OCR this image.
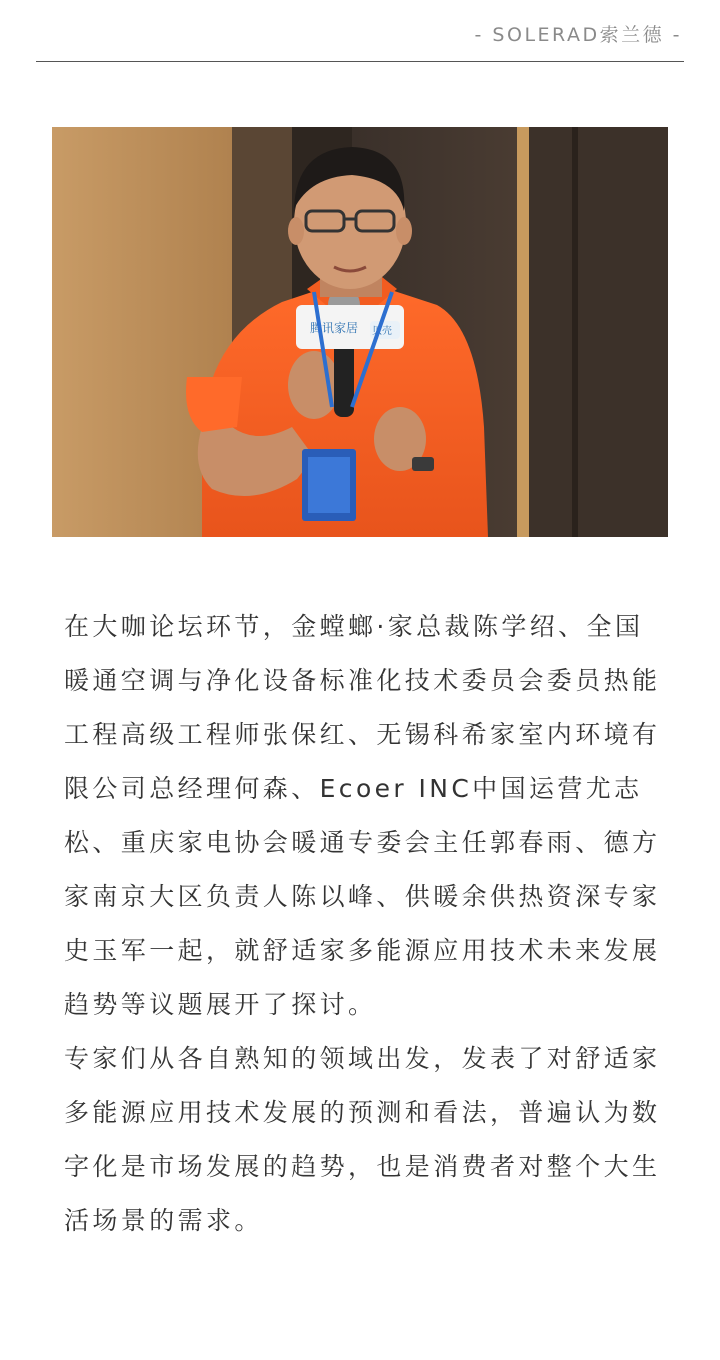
- SOLERAD索兰德 -
腾讯家居 贝壳

在大咖论坛环节，金螳螂·家总裁陈学绍、全国暖通空调与净化设备标准化技术委员会委员热能工程高级工程师张保红、无锡科希家室内环境有限公司总经理何森、Ecoer INC中国运营尤志松、重庆家电协会暖通专委会主任郭春雨、德方家南京大区负责人陈以峰、供暖余供热资深专家史玉军一起，就舒适家多能源应用技术未来发展趋势等议题展开了探讨。

专家们从各自熟知的领域出发，发表了对舒适家多能源应用技术发展的预测和看法，普遍认为数字化是市场发展的趋势，也是消费者对整个大生活场景的需求。
